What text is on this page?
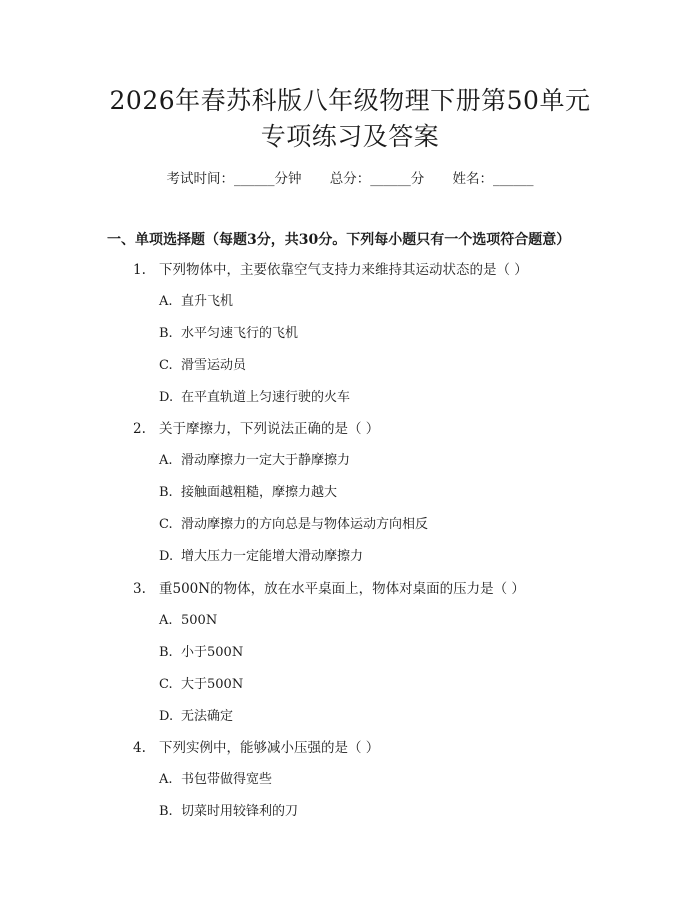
2026年春苏科版八年级物理下册第50单元
专项练习及答案
考试时间：______分钟 总分：______分 姓名：______
一、单项选择题（每题3分，共30分。下列每小题只有一个选项符合题意）
1. 下列物体中，主要依靠空气支持力来维持其运动状态的是（ ）
A. 直升飞机
B. 水平匀速飞行的飞机
C. 滑雪运动员
D. 在平直轨道上匀速行驶的火车
2. 关于摩擦力，下列说法正确的是（ ）
A. 滑动摩擦力一定大于静摩擦力
B. 接触面越粗糙，摩擦力越大
C. 滑动摩擦力的方向总是与物体运动方向相反
D. 增大压力一定能增大滑动摩擦力
3. 重500N的物体，放在水平桌面上，物体对桌面的压力是（ ）
A. 500N
B. 小于500N
C. 大于500N
D. 无法确定
4. 下列实例中，能够减小压强的是（ ）
A. 书包带做得宽些
B. 切菜时用较锋利的刀
